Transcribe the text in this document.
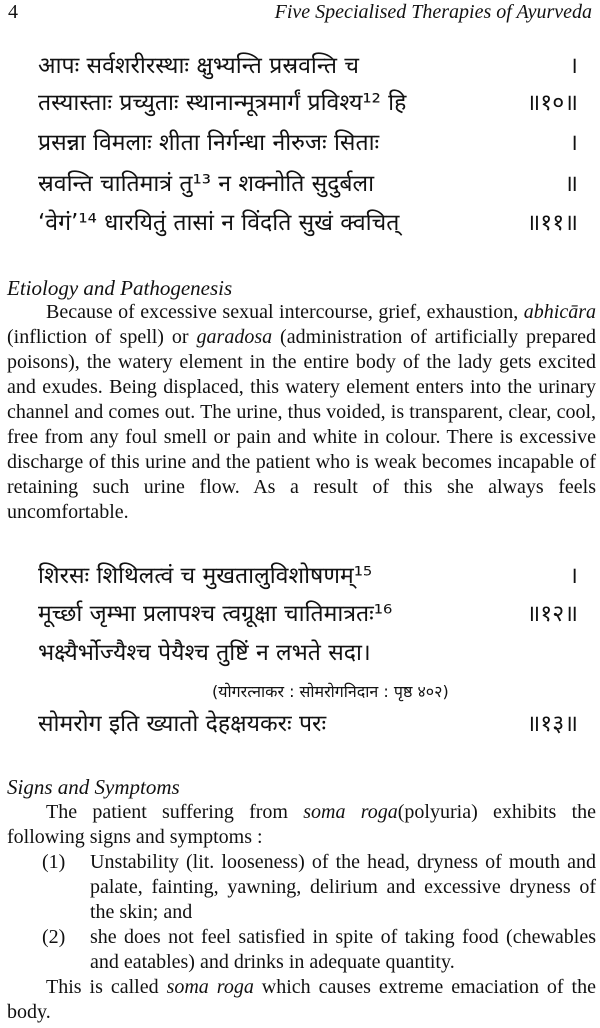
4	Five Specialised Therapies of Ayurveda
आपः सर्वशरीरस्थाः क्षुभ्यन्ति प्रस्रवन्ति च	।
तस्यास्ताः प्रच्युताः स्थानान्मूत्रमार्गं प्रविश्य¹² हि	॥१०॥
प्रसन्ना विमलाः शीता निर्गन्धा नीरुजः सिताः	।
स्रवन्ति चातिमात्रं तु¹³ न शक्नोति सुदुर्बला	॥
‘वेगं’¹⁴ धारयितुं तासां न विंदति सुखं क्वचित्	॥११॥
Etiology and Pathogenesis

Because of excessive sexual intercourse, grief, exhaustion, abhicāra (infliction of spell) or garadosa (administration of artificially prepared poisons), the watery element in the entire body of the lady gets excited and exudes. Being displaced, this watery element enters into the urinary channel and comes out. The urine, thus voided, is transparent, clear, cool, free from any foul smell or pain and white in colour. There is excessive discharge of this urine and the patient who is weak becomes incapable of retaining such urine flow. As a result of this she always feels uncomfortable.

शिरसः शिथिलत्वं च मुखतालुविशोषणम्¹⁵	।
मूर्च्छा जृम्भा प्रलापश्च त्वग्रूक्षा चातिमात्रतः¹⁶	॥१२॥
भक्ष्यैर्भोज्यैश्च पेयैश्च तुष्टिं न लभते सदा।
(योगरत्नाकर : सोमरोगनिदान : पृष्ठ ४०२)
सोमरोग इति ख्यातो देहक्षयकरः परः	॥१३॥
Signs and Symptoms

The patient suffering from soma roga(polyuria) exhibits the following signs and symptoms :

(1) Unstability (lit. looseness) of the head, dryness of mouth and palate, fainting, yawning, delirium and excessive dryness of the skin; and
(2) she does not feel satisfied in spite of taking food (chewables and eatables) and drinks in adequate quantity.

This is called soma roga which causes extreme emaciation of the body.
